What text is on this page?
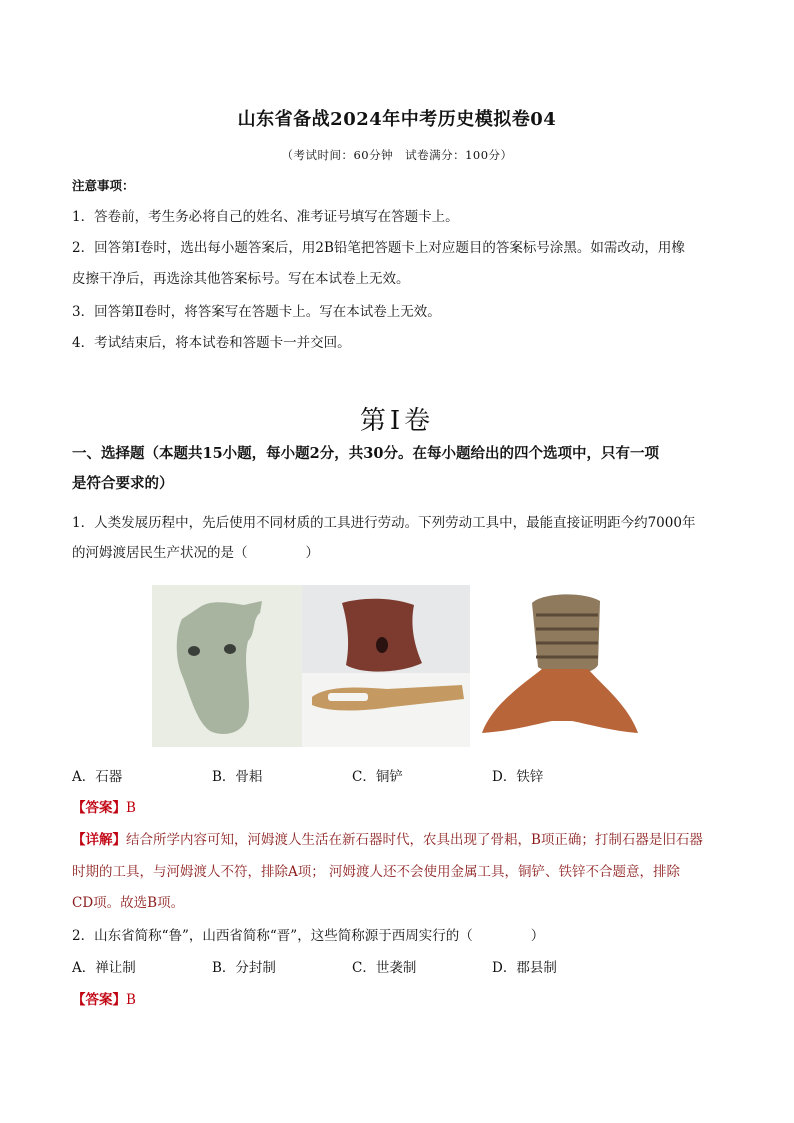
山东省备战2024年中考历史模拟卷04
（考试时间：60分钟　试卷满分：100分）
注意事项：
1．答卷前，考生务必将自己的姓名、准考证号填写在答题卡上。
2．回答第Ⅰ卷时，选出每小题答案后，用2B铅笔把答题卡上对应题目的答案标号涂黑。如需改动，用橡
皮擦干净后，再选涂其他答案标号。写在本试卷上无效。
3．回答第Ⅱ卷时，将答案写在答题卡上。写在本试卷上无效。
4．考试结束后，将本试卷和答题卡一并交回。
第Ⅰ卷
一、选择题（本题共15小题，每小题2分，共30分。在每小题给出的四个选项中，只有一项
是符合要求的）
1．人类发展历程中，先后使用不同材质的工具进行劳动。下列劳动工具中，最能直接证明距今约7000年
的河姆渡居民生产状况的是（	）
A．石器	B．骨耜	C．铜铲	D．铁锌
【答案】B
【详解】结合所学内容可知，河姆渡人生活在新石器时代，农具出现了骨耜，B项正确；打制石器是旧石器
时期的工具，与河姆渡人不符，排除A项； 河姆渡人还不会使用金属工具，铜铲、铁锌不合题意，排除
CD项。故选B项。
2．山东省简称“鲁”，山西省简称“晋”，这些简称源于西周实行的（	）
A．禅让制	B．分封制	C．世袭制	D．郡县制
【答案】B
